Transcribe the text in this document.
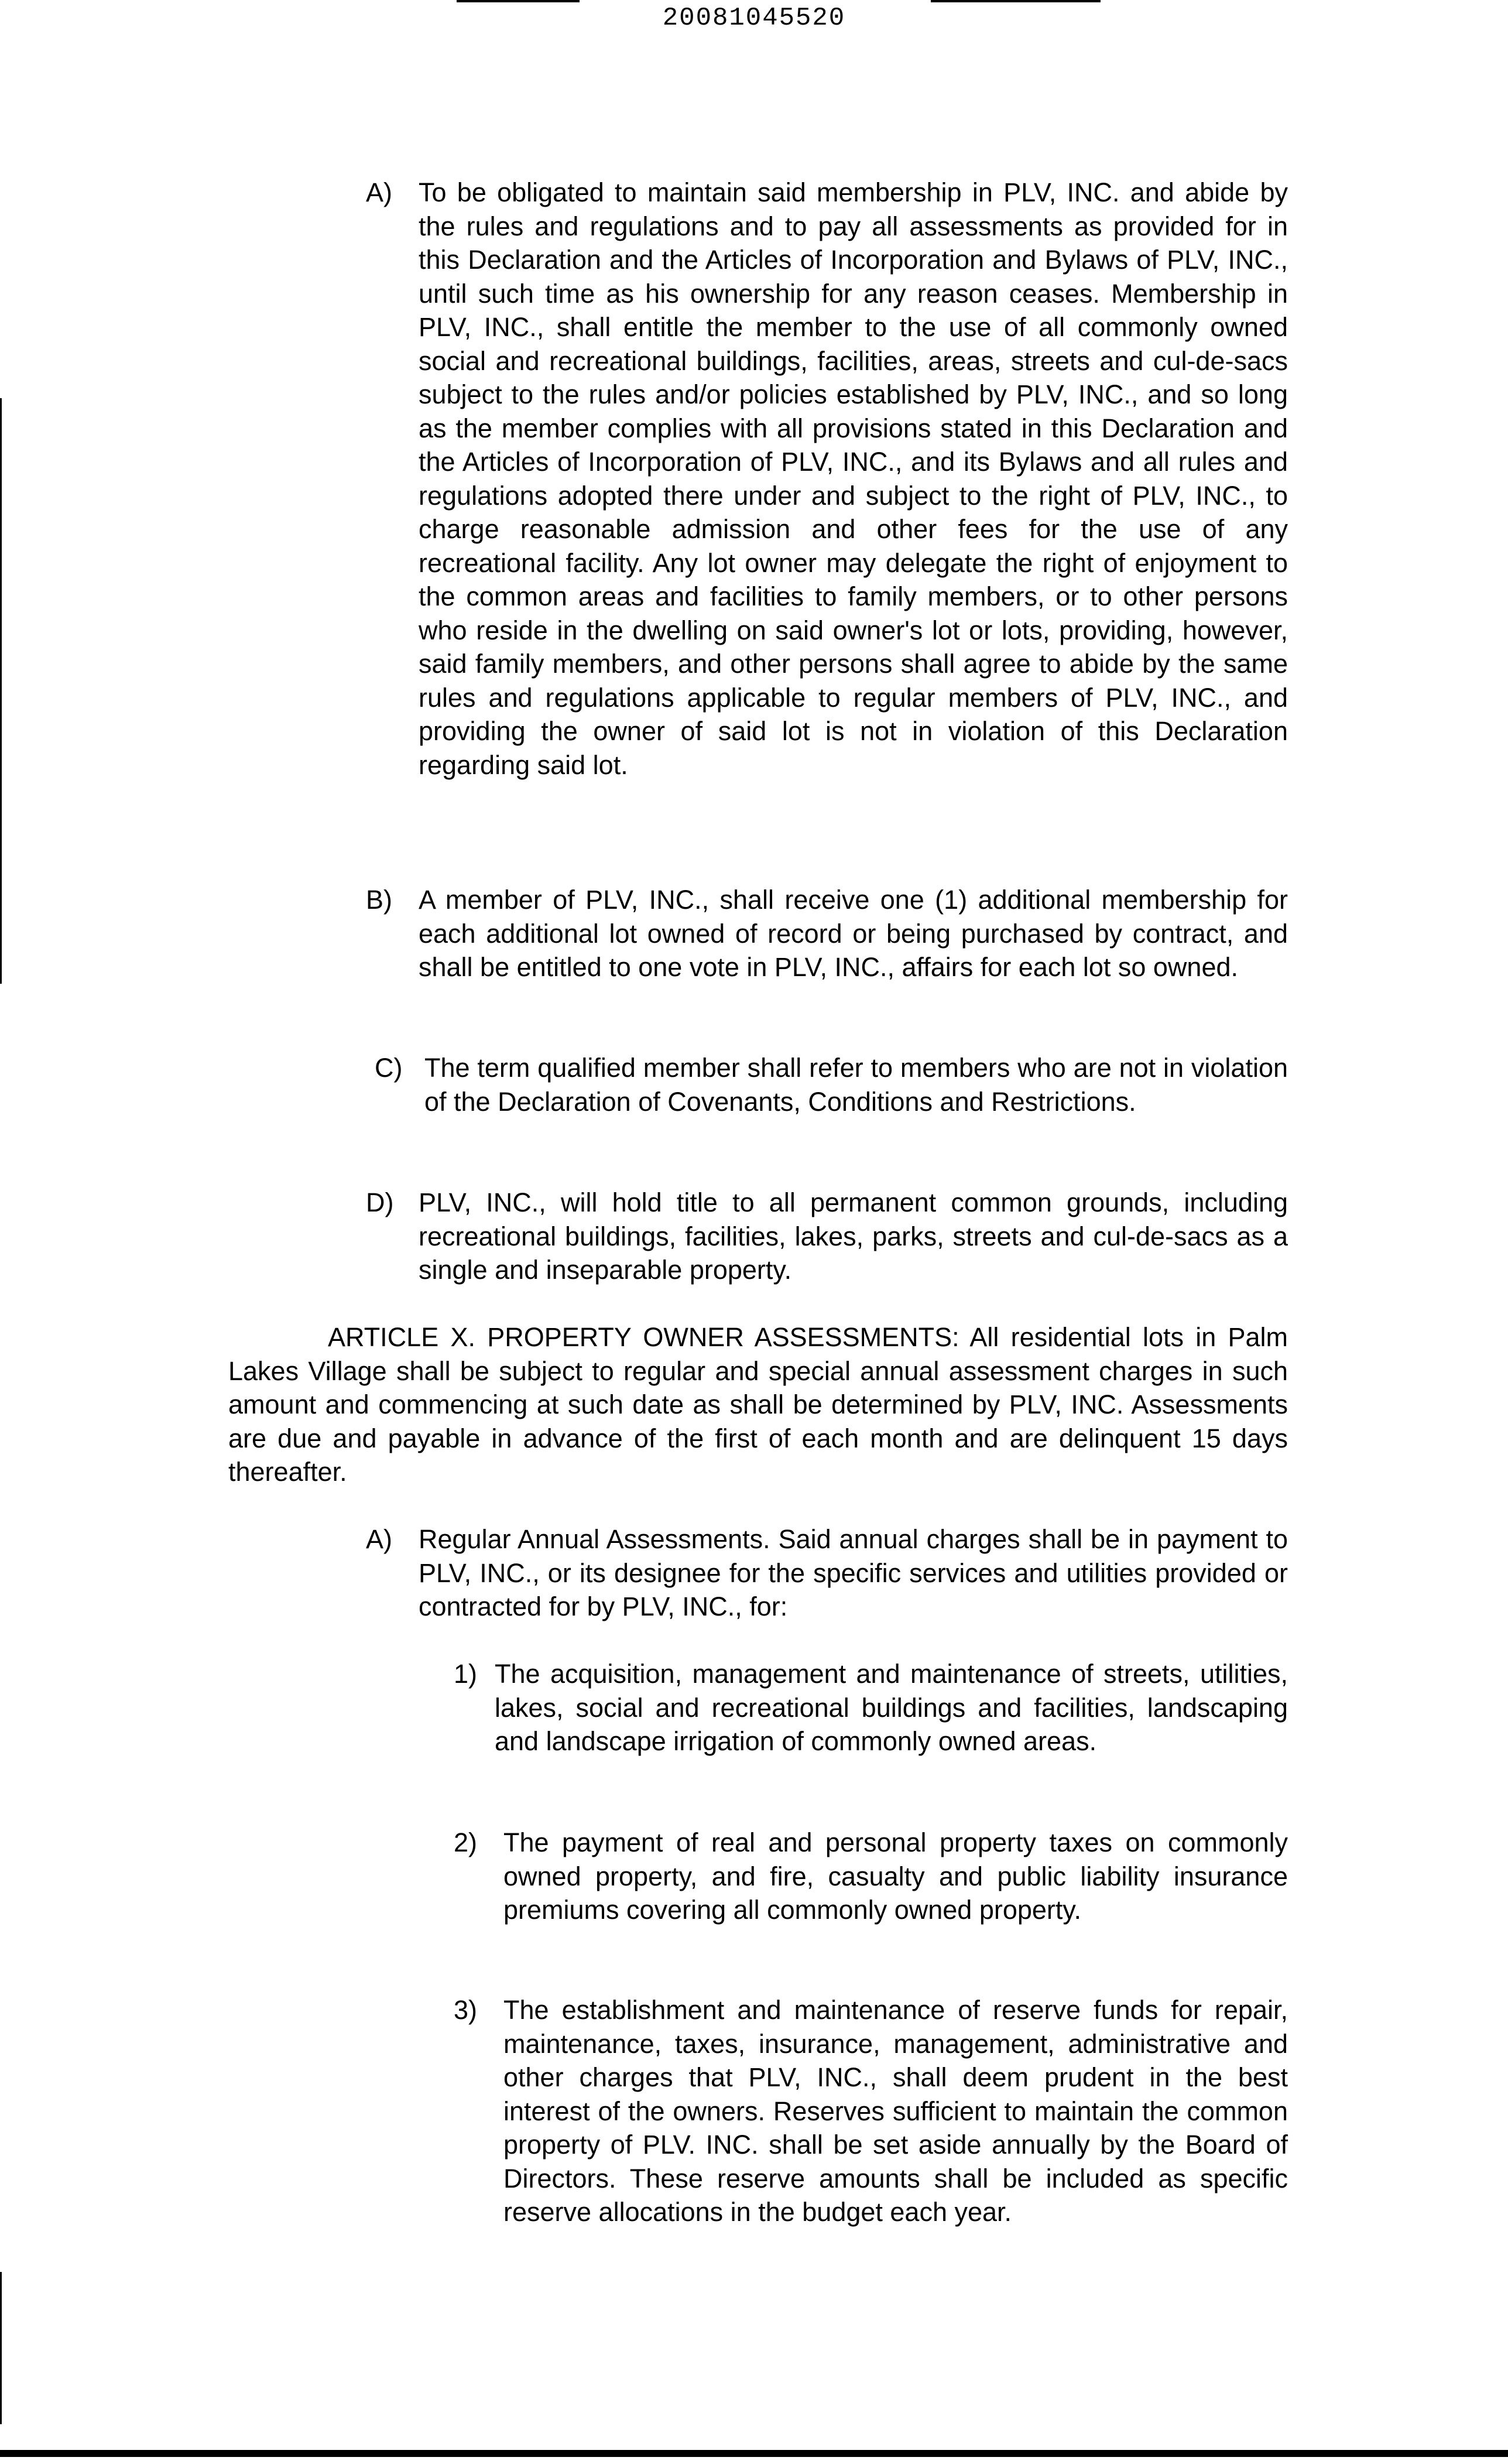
20081045520
A) To be obligated to maintain said membership in PLV, INC. and abide by the rules and regulations and to pay all assessments as provided for in this Declaration and the Articles of Incorporation and Bylaws of PLV, INC., until such time as his ownership for any reason ceases. Membership in PLV, INC., shall entitle the member to the use of all commonly owned social and recreational buildings, facilities, areas, streets and cul-de-sacs subject to the rules and/or policies established by PLV, INC., and so long as the member complies with all provisions stated in this Declaration and the Articles of Incorporation of PLV, INC., and its Bylaws and all rules and regulations adopted there under and subject to the right of PLV, INC., to charge reasonable admission and other fees for the use of any recreational facility. Any lot owner may delegate the right of enjoyment to the common areas and facilities to family members, or to other persons who reside in the dwelling on said owner's lot or lots, providing, however, said family members, and other persons shall agree to abide by the same rules and regulations applicable to regular members of PLV, INC., and providing the owner of said lot is not in violation of this Declaration regarding said lot.
B) A member of PLV, INC., shall receive one (1) additional membership for each additional lot owned of record or being purchased by contract, and shall be entitled to one vote in PLV, INC., affairs for each lot so owned.
C) The term qualified member shall refer to members who are not in violation of the Declaration of Covenants, Conditions and Restrictions.
D) PLV, INC., will hold title to all permanent common grounds, including recreational buildings, facilities, lakes, parks, streets and cul-de-sacs as a single and inseparable property.
ARTICLE X. PROPERTY OWNER ASSESSMENTS: All residential lots in Palm Lakes Village shall be subject to regular and special annual assessment charges in such amount and commencing at such date as shall be determined by PLV, INC. Assessments are due and payable in advance of the first of each month and are delinquent 15 days thereafter.
A) Regular Annual Assessments. Said annual charges shall be in payment to PLV, INC., or its designee for the specific services and utilities provided or contracted for by PLV, INC., for:
1) The acquisition, management and maintenance of streets, utilities, lakes, social and recreational buildings and facilities, landscaping and landscape irrigation of commonly owned areas.
2) The payment of real and personal property taxes on commonly owned property, and fire, casualty and public liability insurance premiums covering all commonly owned property.
3) The establishment and maintenance of reserve funds for repair, maintenance, taxes, insurance, management, administrative and other charges that PLV, INC., shall deem prudent in the best interest of the owners. Reserves sufficient to maintain the common property of PLV. INC. shall be set aside annually by the Board of Directors. These reserve amounts shall be included as specific reserve allocations in the budget each year.
